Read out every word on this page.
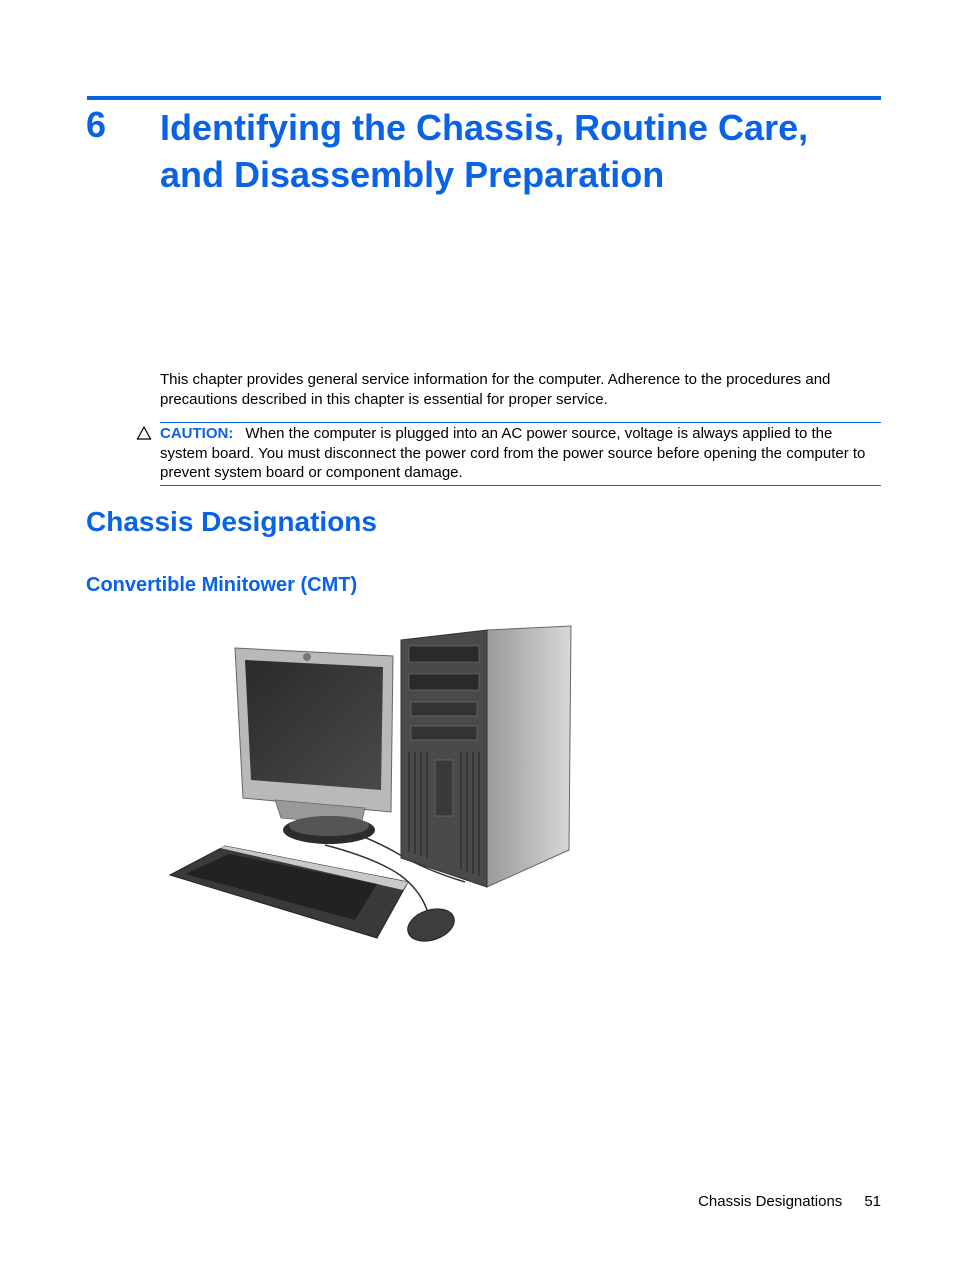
6 Identifying the Chassis, Routine Care, and Disassembly Preparation

This chapter provides general service information for the computer. Adherence to the procedures and precautions described in this chapter is essential for proper service.

CAUTION: When the computer is plugged into an AC power source, voltage is always applied to the system board. You must disconnect the power cord from the power source before opening the computer to prevent system board or component damage.
Chassis Designations
Convertible Minitower (CMT)
Chassis Designations 51
